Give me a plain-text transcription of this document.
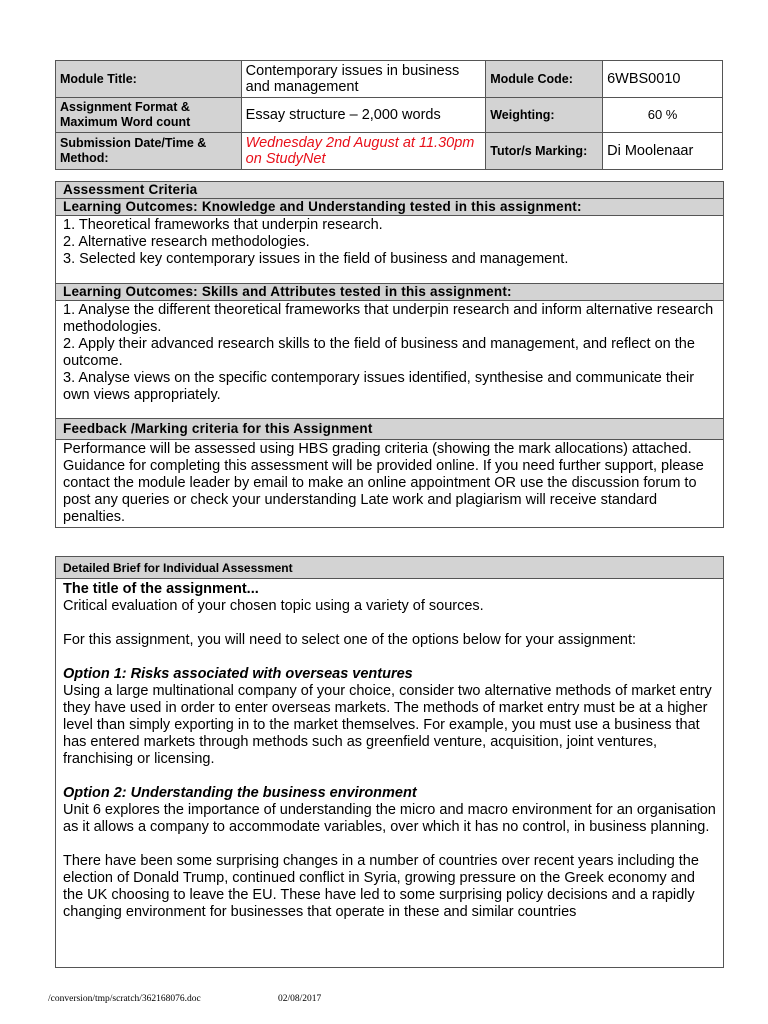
Module Title:	Contemporary issues in business and management	Module Code:	6WBS0010
Assignment Format & Maximum Word count	Essay structure – 2,000 words	Weighting:	60 %
Submission Date/Time & Method:	Wednesday 2nd August at 11.30pm on StudyNet	Tutor/s Marking:	Di Moolenaar
Assessment Criteria
Learning Outcomes: Knowledge and Understanding tested in this assignment:

1. Theoretical frameworks that underpin research.
2. Alternative research methodologies.
3. Selected key contemporary issues in the field of business and management.

Learning Outcomes: Skills and Attributes tested in this assignment:

1. Analyse the different theoretical frameworks that underpin research and inform alternative research methodologies.
2. Apply their advanced research skills to the field of business and management, and reflect on the outcome.
3. Analyse views on the specific contemporary issues identified, synthesise and communicate their own views appropriately.

Feedback /Marking criteria for this Assignment
Performance will be assessed using HBS grading criteria (showing the mark allocations) attached. Guidance for completing this assessment will be provided online. If you need further support, please contact the module leader by email to make an online appointment OR use the discussion forum to post any queries or check your understanding Late work and plagiarism will receive standard penalties.
Detailed Brief for Individual Assessment

The title of the assignment...
Critical evaluation of your chosen topic using a variety of sources.
For this assignment, you will need to select one of the options below for your assignment:
Option 1: Risks associated with overseas ventures
Using a large multinational company of your choice, consider two alternative methods of market entry they have used in order to enter overseas markets. The methods of market entry must be at a higher level than simply exporting in to the market themselves. For example, you must use a business that has entered markets through methods such as greenfield venture, acquisition, joint ventures, franchising or licensing.
Option 2: Understanding the business environment
Unit 6 explores the importance of understanding the micro and macro environment for an organisation as it allows a company to accommodate variables, over which it has no control, in business planning.
There have been some surprising changes in a number of countries over recent years including the election of Donald Trump, continued conflict in Syria, growing pressure on the Greek economy and the UK choosing to leave the EU. These have led to some surprising policy decisions and a rapidly changing environment for businesses that operate in these and similar countries
/conversion/tmp/scratch/362168076.doc	02/08/2017
